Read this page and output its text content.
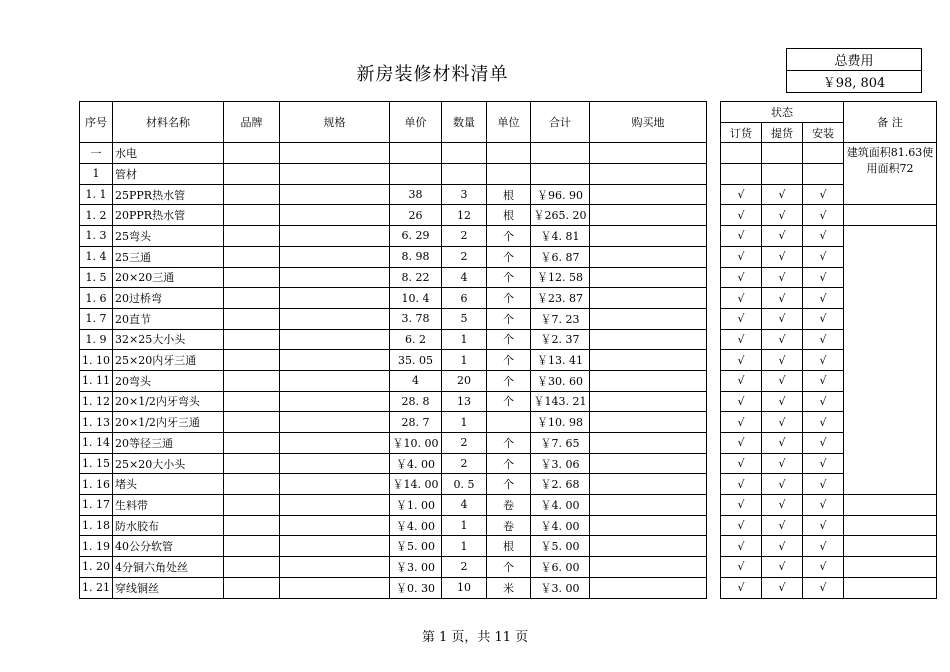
新房装修材料清单
总费用
￥98, 804
序号	材料名称	品牌	规格	单价	数量	单位	合计	购买地		状态			备 注
										订货	提货	安装	
一	水电												建筑面积81.63使用面积72
1	管材												
1. 1	25PPR热水管			38	3	根	￥96. 90			√	√	√	
1. 2	20PPR热水管			26	12	根	￥265. 20			√	√	√	
1. 3	25弯头			6. 29	2	个	￥4. 81			√	√	√	
1. 4	25三通			8. 98	2	个	￥6. 87			√	√	√	
1. 5	20×20三通			8. 22	4	个	￥12. 58			√	√	√	
1. 6	20过桥弯			10. 4	6	个	￥23. 87			√	√	√	
1. 7	20直节			3. 78	5	个	￥7. 23			√	√	√	
1. 9	32×25大小头			6. 2	1	个	￥2. 37			√	√	√	
1. 10	25×20内牙三通			35. 05	1	个	￥13. 41			√	√	√	
1. 11	20弯头			4	20	个	￥30. 60			√	√	√	
1. 12	20×1/2内牙弯头			28. 8	13	个	￥143. 21			√	√	√	
1. 13	20×1/2内牙三通			28. 7	1		￥10. 98			√	√	√	
1. 14	20等径三通			￥10. 00	2	个	￥7. 65			√	√	√	
1. 15	25×20大小头			￥4. 00	2	个	￥3. 06			√	√	√	
1. 16	堵头			￥14. 00	0. 5	个	￥2. 68			√	√	√	
1. 17	生料带			￥1. 00	4	卷	￥4. 00			√	√	√	
1. 18	防水胶布			￥4. 00	1	卷	￥4. 00			√	√	√	
1. 19	40公分软管			￥5. 00	1	根	￥5. 00			√	√	√	
1. 20	4分铜六角处丝			￥3. 00	2	个	￥6. 00			√	√	√	
1. 21	穿线铜丝			￥0. 30	10	米	￥3. 00			√	√	√	
第 1 页，共 11 页
